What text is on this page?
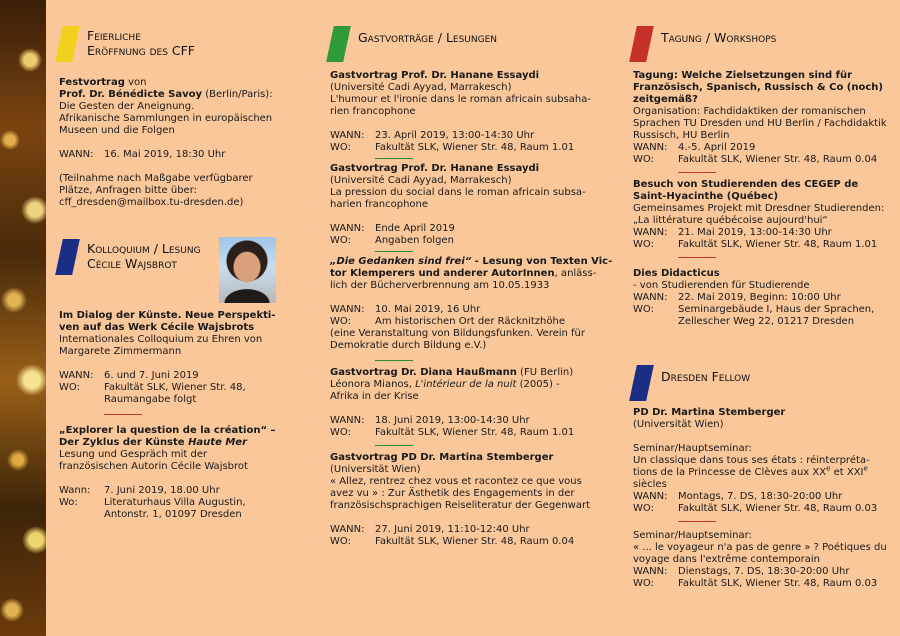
Feierliche
Eröffnung des CFF
Festvortrag von
Prof. Dr. Bénédicte Savoy (Berlin/Paris):
Die Gesten der Aneignung.
Afrikanische Sammlungen in europäischen
Museen und die Folgen
WANN:	16. Mai 2019, 18:30 Uhr
(Teilnahme nach Maßgabe verfügbarer
Plätze, Anfragen bitte über:
cff_dresden@mailbox.tu-dresden.de)
Kolloquium / Lesung
Cécile Wajsbrot
Im Dialog der Künste. Neue Perspekti-
ven auf das Werk Cécile Wajsbrots
Internationales Colloquium zu Ehren von
Margarete Zimmermann
WANN:	6. und 7. Juni 2019
WO:	Fakultät SLK, Wiener Str. 48,
Raumangabe folgt
„Explorer la question de la création“ –
Der Zyklus der Künste Haute Mer
Lesung und Gespräch mit der
französischen Autorin Cécile Wajsbrot
Wann:	7. Juni 2019, 18.00 Uhr
Wo:	Literaturhaus Villa Augustin,
Antonstr. 1, 01097 Dresden
Gastvorträge / Lesungen
Gastvortrag Prof. Dr. Hanane Essaydi
(Université Cadi Ayyad, Marrakesch)
L'humour et l'ironie dans le roman africain subsaha-
rien francophone
WANN:	23. April 2019, 13:00-14:30 Uhr
WO:	Fakultät SLK, Wiener Str. 48, Raum 1.01
Gastvortrag Prof. Dr. Hanane Essaydi
(Université Cadi Ayyad, Marrakesch)
La pression du social dans le roman africain subsa-
harien francophone
WANN:	Ende April 2019
WO:	Angaben folgen
„Die Gedanken sind frei“ - Lesung von Texten Vic-
tor Klemperers und anderer AutorInnen, anläss-
lich der Bücherverbrennung am 10.05.1933
WANN:	10. Mai 2019, 16 Uhr
WO:	Am historischen Ort der Räcknitzhöhe
(eine Veranstaltung von Bildungsfunken. Verein für
Demokratie durch Bildung e.V.)
Gastvortrag Dr. Diana Haußmann (FU Berlin)
Léonora Mianos, L'intérieur de la nuit (2005) -
Afrika in der Krise
WANN:	18. Juni 2019, 13:00-14:30 Uhr
WO:	Fakultät SLK, Wiener Str. 48, Raum 1.01
Gastvortrag PD Dr. Martina Stemberger
(Universität Wien)
« Allez, rentrez chez vous et racontez ce que vous
avez vu » : Zur Ästhetik des Engagements in der
französischsprachigen Reiseliteratur der Gegenwart
WANN:	27. Juni 2019, 11:10-12:40 Uhr
WO:	Fakultät SLK, Wiener Str. 48, Raum 0.04
Tagung / Workshops
Tagung: Welche Zielsetzungen sind für
Französisch, Spanisch, Russisch & Co (noch)
zeitgemäß?
Organisation: Fachdidaktiken der romanischen
Sprachen TU Dresden und HU Berlin / Fachdidaktik
Russisch, HU Berlin
WANN:	4.-5. April 2019
WO:	Fakultät SLK, Wiener Str. 48, Raum 0.04
Besuch von Studierenden des CEGEP de
Saint-Hyacinthe (Québec)
Gemeinsames Projekt mit Dresdner Studierenden:
„La littérature québécoise aujourd'hui“
WANN:	21. Mai 2019, 13:00-14:30 Uhr
WO:	Fakultät SLK, Wiener Str. 48, Raum 1.01
Dies Didacticus
- von Studierenden für Studierende
WANN:	22. Mai 2019, Beginn: 10:00 Uhr
WO:	Seminargebäude I, Haus der Sprachen,
Zellescher Weg 22, 01217 Dresden
Dresden Fellow
PD Dr. Martina Stemberger
(Universität Wien)
Seminar/Hauptseminar:
Un classique dans tous ses états : réinterpréta-
tions de la Princesse de Clèves aux XXe et XXIe
siècles
WANN:	Montags, 7. DS, 18:30-20:00 Uhr
WO:	Fakultät SLK, Wiener Str. 48, Raum 0.03
Seminar/Hauptseminar:
« ... le voyageur n'a pas de genre » ? Poétiques du
voyage dans l'extrême contemporain
WANN:	Dienstags, 7. DS, 18:30-20:00 Uhr
WO:	Fakultät SLK, Wiener Str. 48, Raum 0.03
